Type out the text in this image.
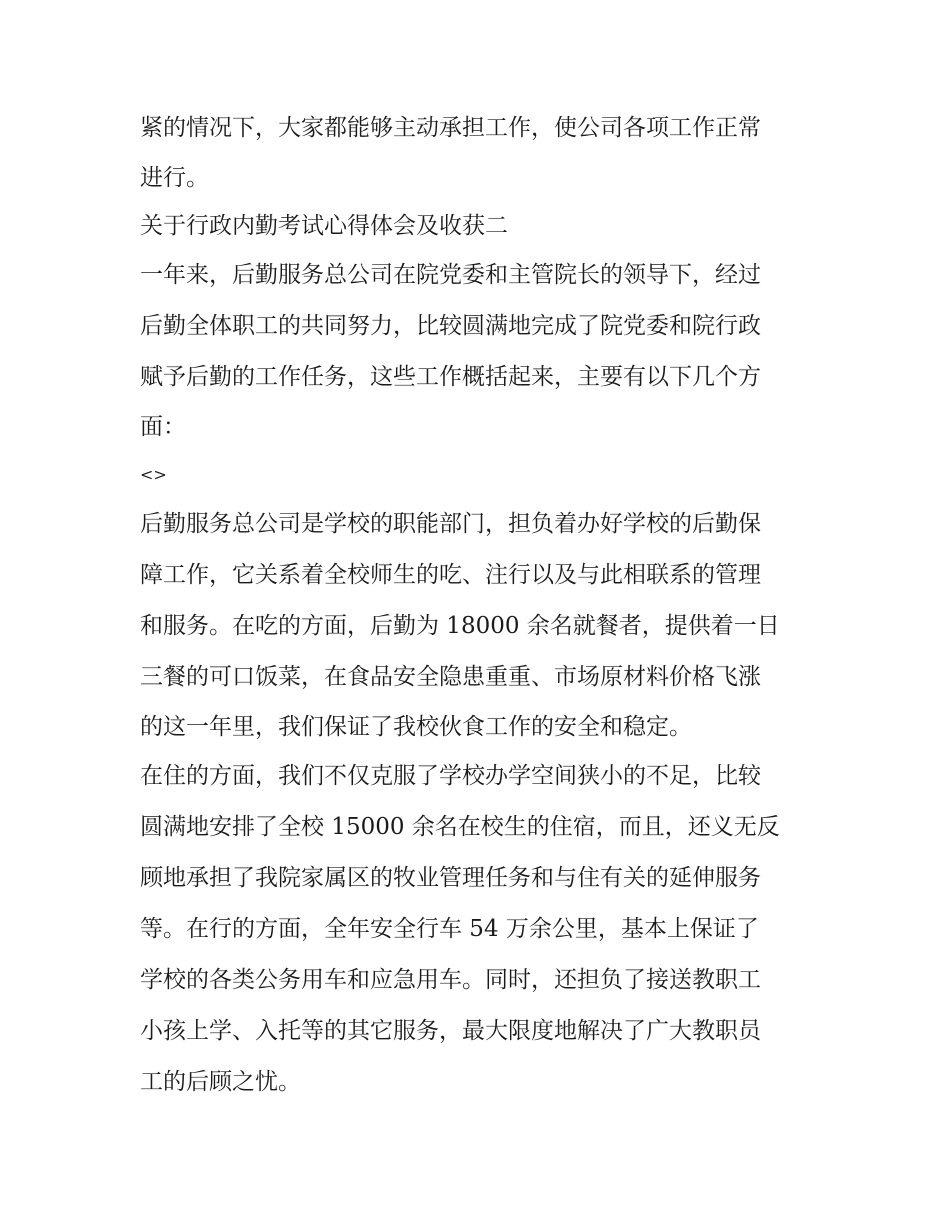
紧的情况下，大家都能够主动承担工作，使公司各项工作正常
进行。
关于行政内勤考试心得体会及收获二
一年来，后勤服务总公司在院党委和主管院长的领导下，经过
后勤全体职工的共同努力，比较圆满地完成了院党委和院行政
赋予后勤的工作任务，这些工作概括起来，主要有以下几个方
面：
<>
后勤服务总公司是学校的职能部门，担负着办好学校的后勤保
障工作，它关系着全校师生的吃、注行以及与此相联系的管理
和服务。在吃的方面，后勤为 18000 余名就餐者，提供着一日
三餐的可口饭菜，在食品安全隐患重重、市场原材料价格飞涨
的这一年里，我们保证了我校伙食工作的安全和稳定。
在住的方面，我们不仅克服了学校办学空间狭小的不足，比较
圆满地安排了全校 15000 余名在校生的住宿，而且，还义无反
顾地承担了我院家属区的牧业管理任务和与住有关的延伸服务
等。在行的方面，全年安全行车 54 万余公里，基本上保证了
学校的各类公务用车和应急用车。同时，还担负了接送教职工
小孩上学、入托等的其它服务，最大限度地解决了广大教职员
工的后顾之忧。
